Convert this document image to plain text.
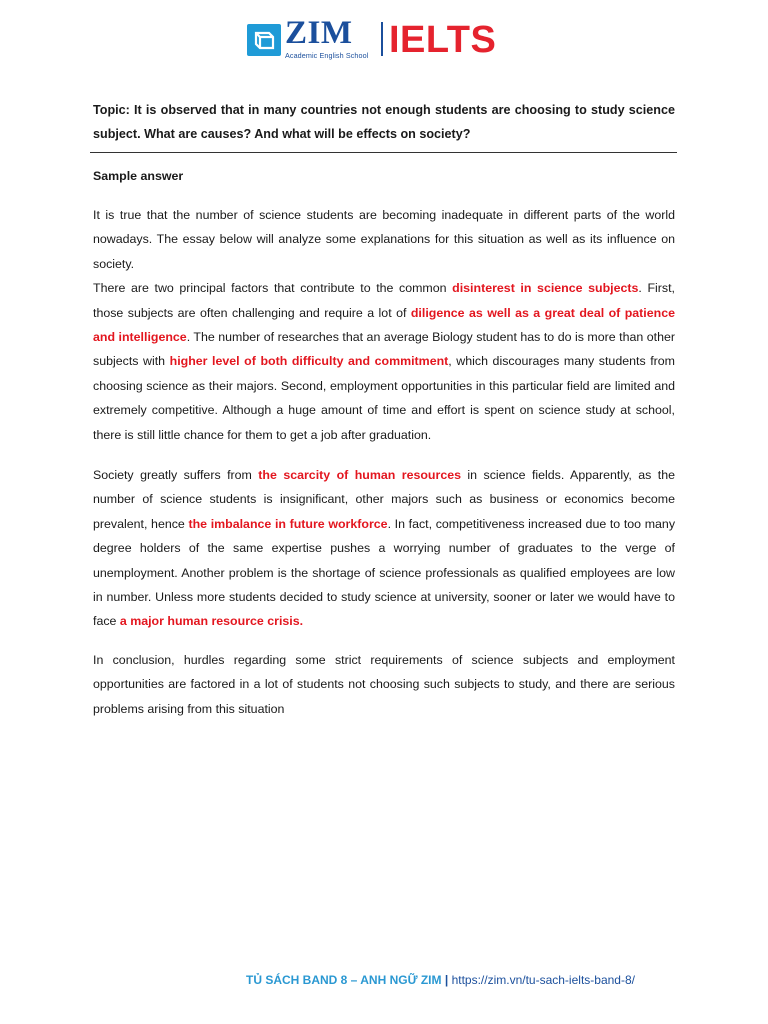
ZIM
Academic English School IELTS
Topic: It is observed that in many countries not enough students are choosing to study science subject. What are causes? And what will be effects on society?
Sample answer
It is true that the number of science students are becoming inadequate in different parts of the world nowadays. The essay below will analyze some explanations for this situation as well as its influence on society.
There are two principal factors that contribute to the common disinterest in science subjects. First, those subjects are often challenging and require a lot of diligence as well as a great deal of patience and intelligence. The number of researches that an average Biology student has to do is more than other subjects with higher level of both difficulty and commitment, which discourages many students from choosing science as their majors. Second, employment opportunities in this particular field are limited and extremely competitive. Although a huge amount of time and effort is spent on science study at school, there is still little chance for them to get a job after graduation.
Society greatly suffers from the scarcity of human resources in science fields. Apparently, as the number of science students is insignificant, other majors such as business or economics become prevalent, hence the imbalance in future workforce. In fact, competitiveness increased due to too many degree holders of the same expertise pushes a worrying number of graduates to the verge of unemployment. Another problem is the shortage of science professionals as qualified employees are low in number. Unless more students decided to study science at university, sooner or later we would have to face a major human resource crisis.
In conclusion, hurdles regarding some strict requirements of science subjects and employment opportunities are factored in a lot of students not choosing such subjects to study, and there are serious problems arising from this situation
TỦ SÁCH BAND 8 – ANH NGỮ ZIM | https://zim.vn/tu-sach-ielts-band-8/
